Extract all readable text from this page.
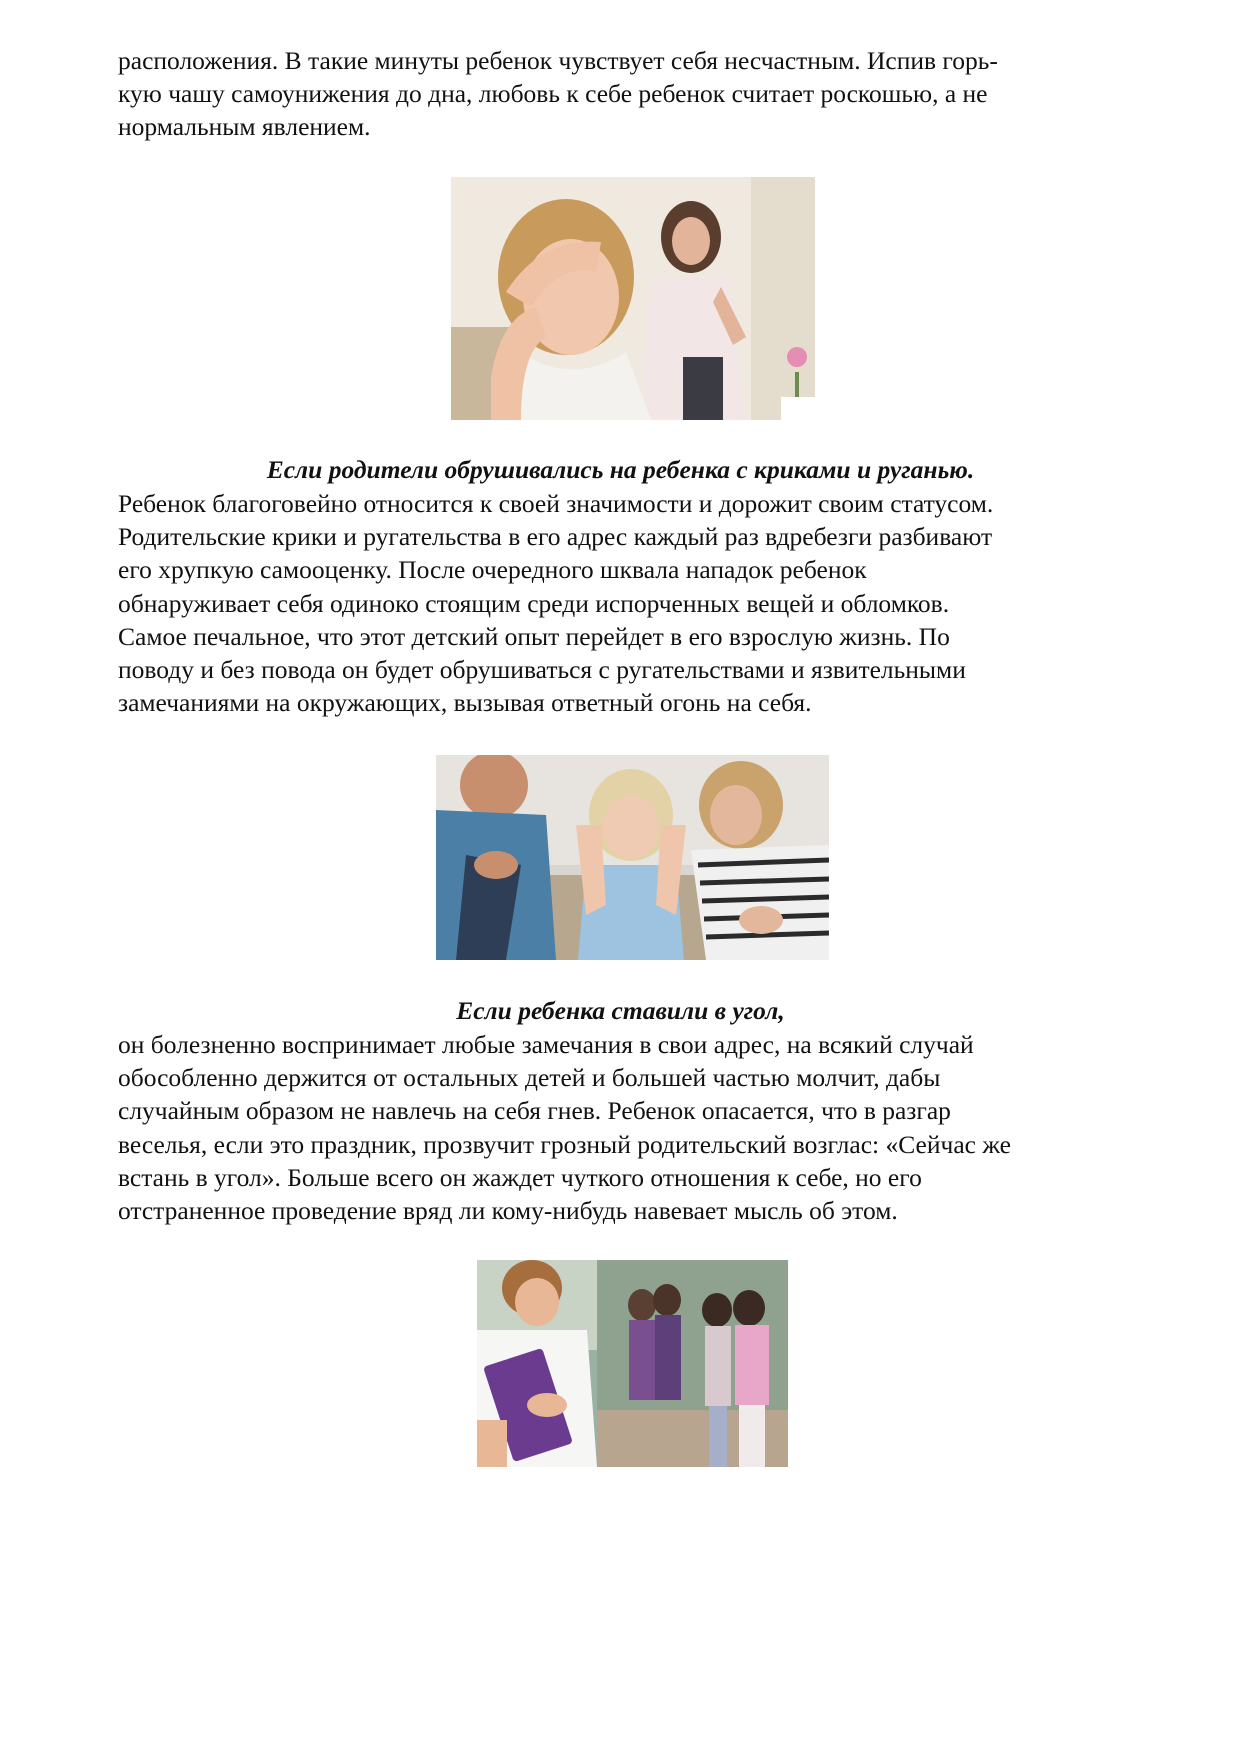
расположения. В такие минуты ребенок чувствует себя несчастным. Испив горь-

кую чашу самоунижения до дна, любовь к себе ребенок считает роскошью, а не

нормальным явлением.

Если родители обрушивались на ребенка с криками и руганью.

Ребенок благоговейно относится к своей значимости и дорожит своим статусом.

Родительские крики и ругательства в его адрес каждый раз вдребезги разбивают

его хрупкую самооценку. После очередного шквала нападок ребенок

обнаруживает себя одиноко стоящим среди испорченных вещей и обломков.

Самое печальное, что этот детский опыт перейдет в его взрослую жизнь. По

поводу и без повода он будет обрушиваться с ругательствами и язвительными

замечаниями на окружающих, вызывая ответный огонь на себя.

Если ребенка ставили в угол,

он болезненно воспринимает любые замечания в свои адрес, на всякий случай

обособленно держится от остальных детей и большей частью молчит, дабы

случайным образом не навлечь на себя гнев. Ребенок опасается, что в разгар

веселья, если это праздник, прозвучит грозный родительский возглас: «Сейчас же

встань в угол». Больше всего он жаждет чуткого отношения к себе, но его

отстраненное проведение вряд ли кому-нибудь навевает мысль об этом.
